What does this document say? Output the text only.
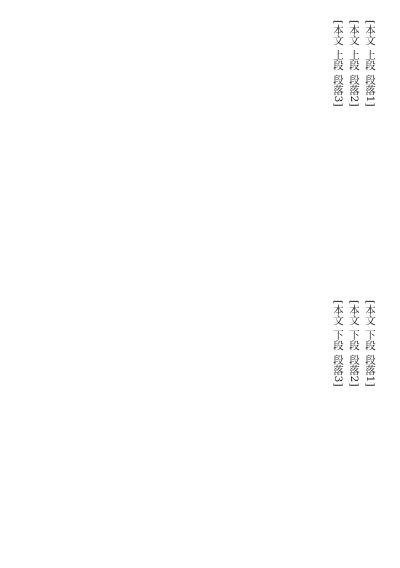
[本文 上段 段落1]

[本文 上段 段落2]

[本文 上段 段落3]

[本文 下段 段落1]

[本文 下段 段落2]

[本文 下段 段落3]
